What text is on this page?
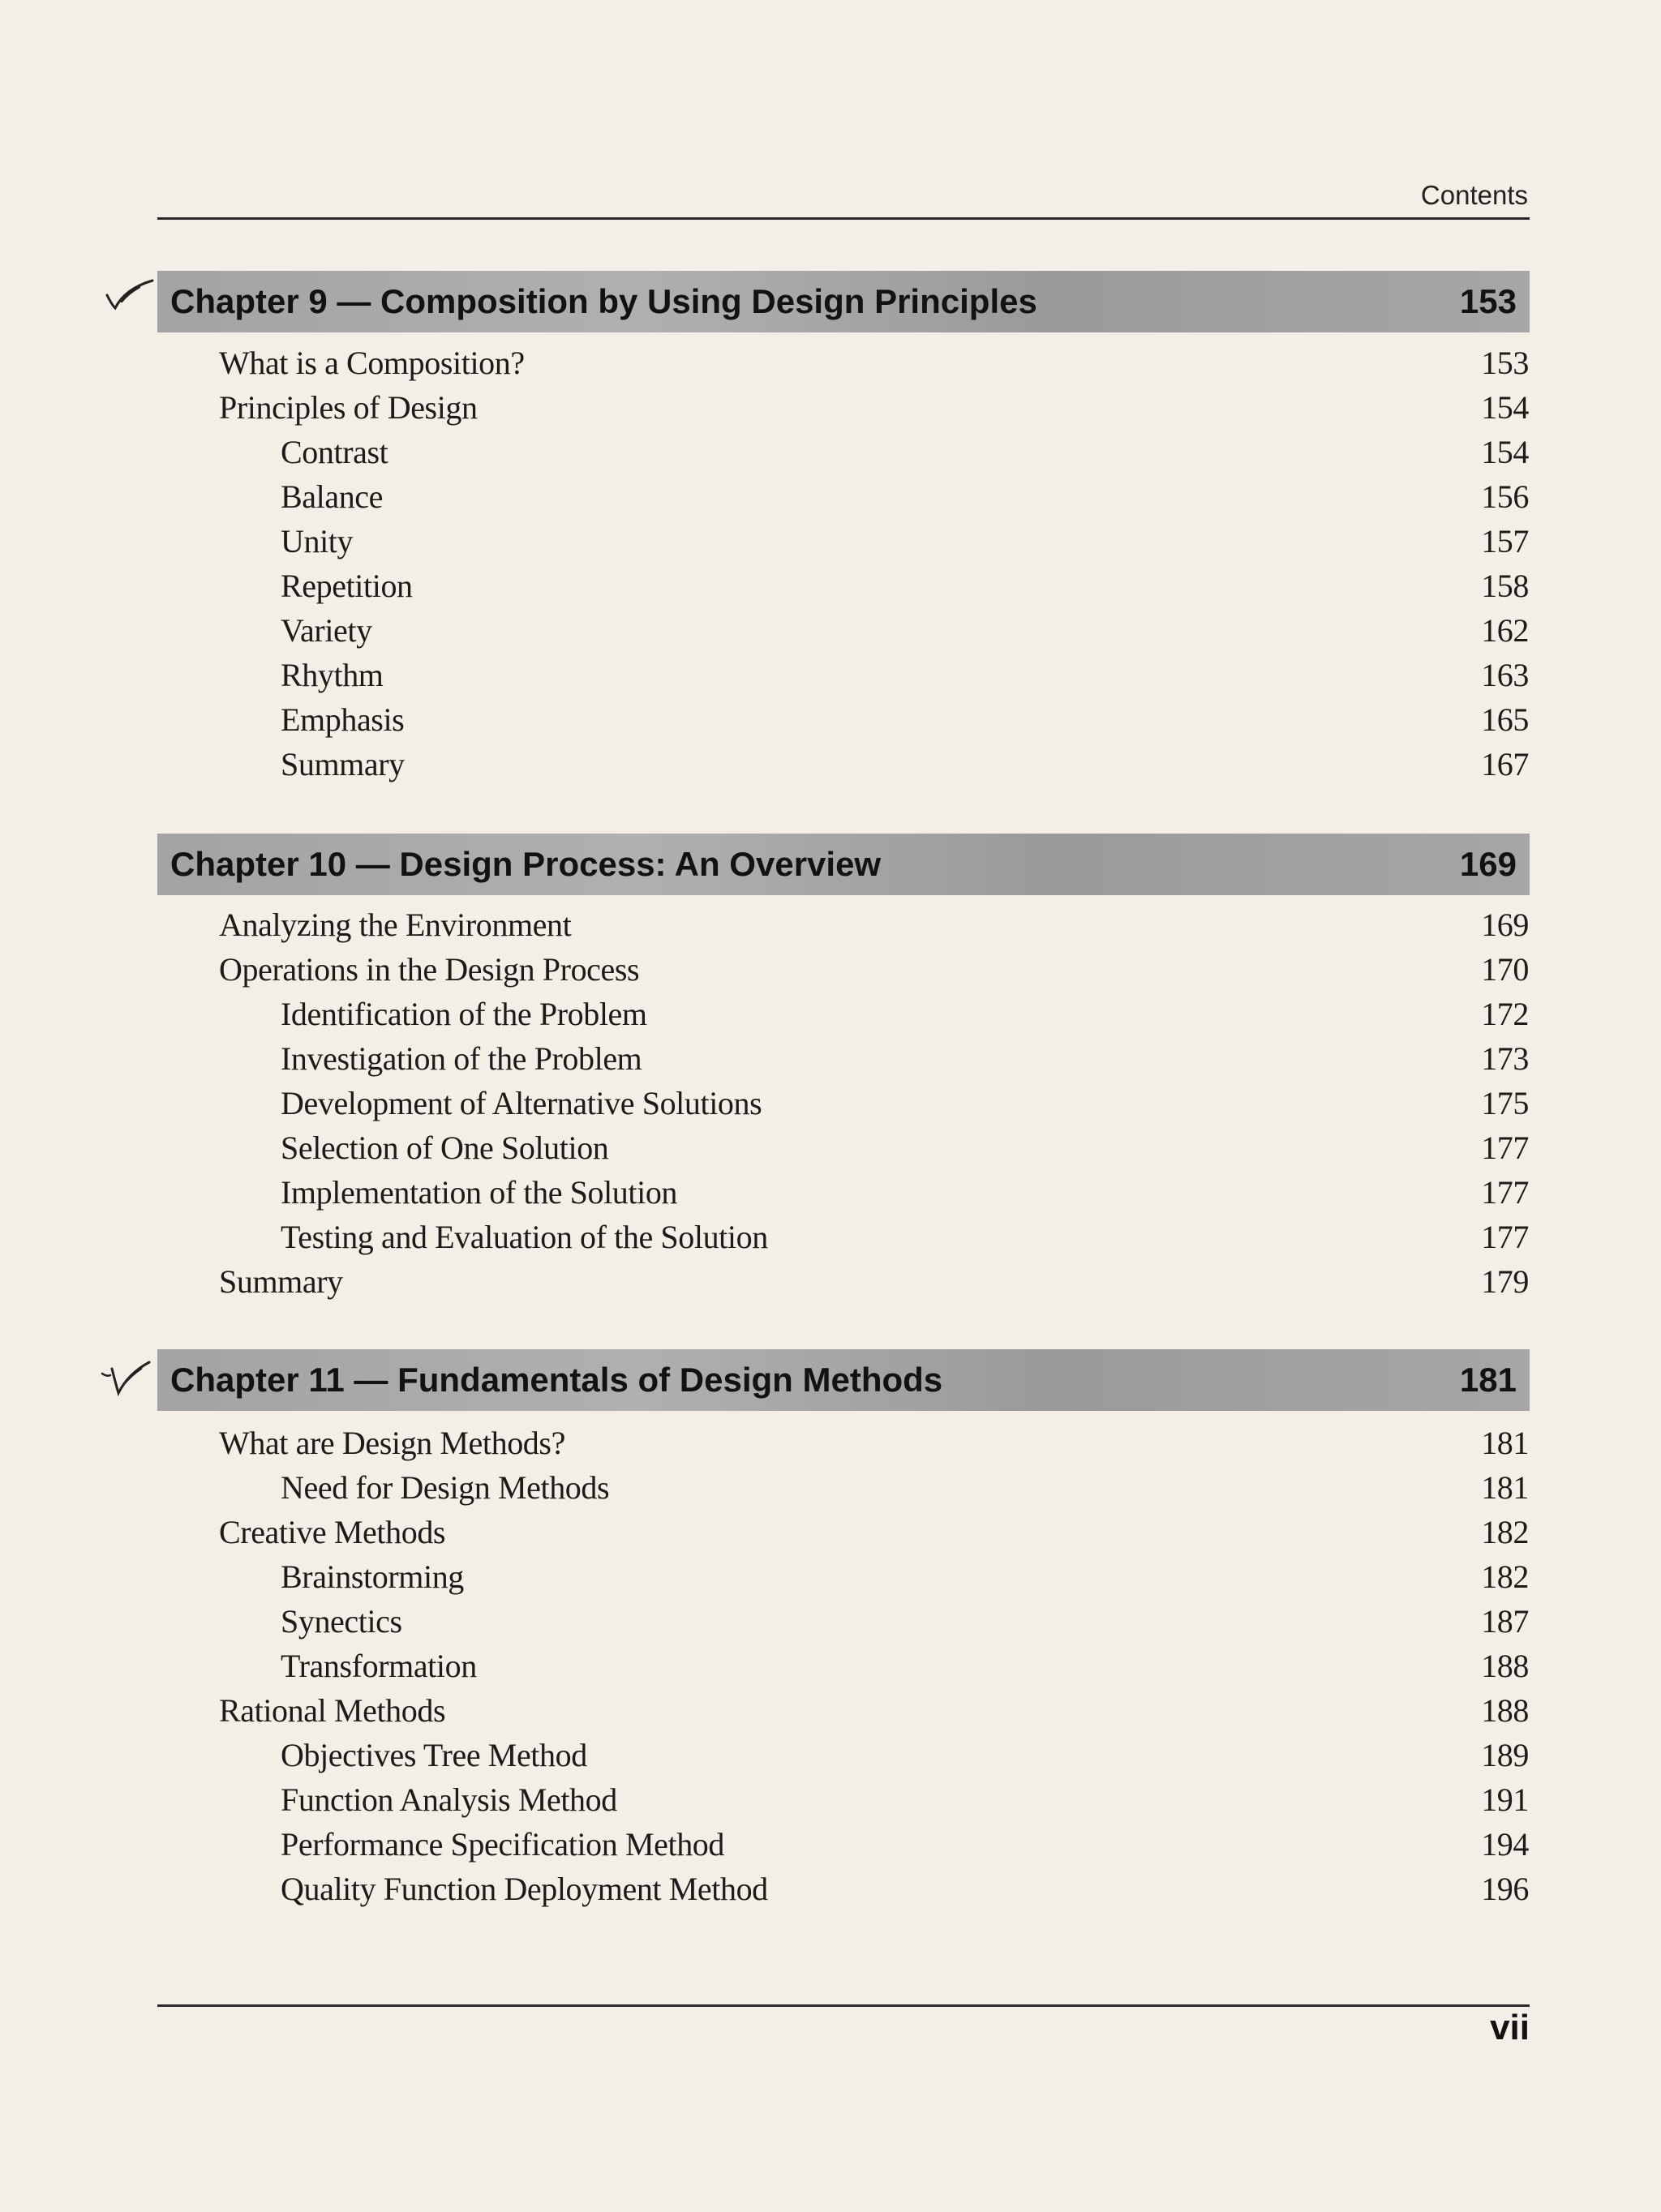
Contents
Chapter 9 — Composition by Using Design Principles	153
What is a Composition?	153
Principles of Design	154
Contrast	154
Balance	156
Unity	157
Repetition	158
Variety	162
Rhythm	163
Emphasis	165
Summary	167
Chapter 10 — Design Process: An Overview	169
Analyzing the Environment	169
Operations in the Design Process	170
Identification of the Problem	172
Investigation of the Problem	173
Development of Alternative Solutions	175
Selection of One Solution	177
Implementation of the Solution	177
Testing and Evaluation of the Solution	177
Summary	179
Chapter 11 — Fundamentals of Design Methods	181
What are Design Methods?	181
Need for Design Methods	181
Creative Methods	182
Brainstorming	182
Synectics	187
Transformation	188
Rational Methods	188
Objectives Tree Method	189
Function Analysis Method	191
Performance Specification Method	194
Quality Function Deployment Method	196
vii
